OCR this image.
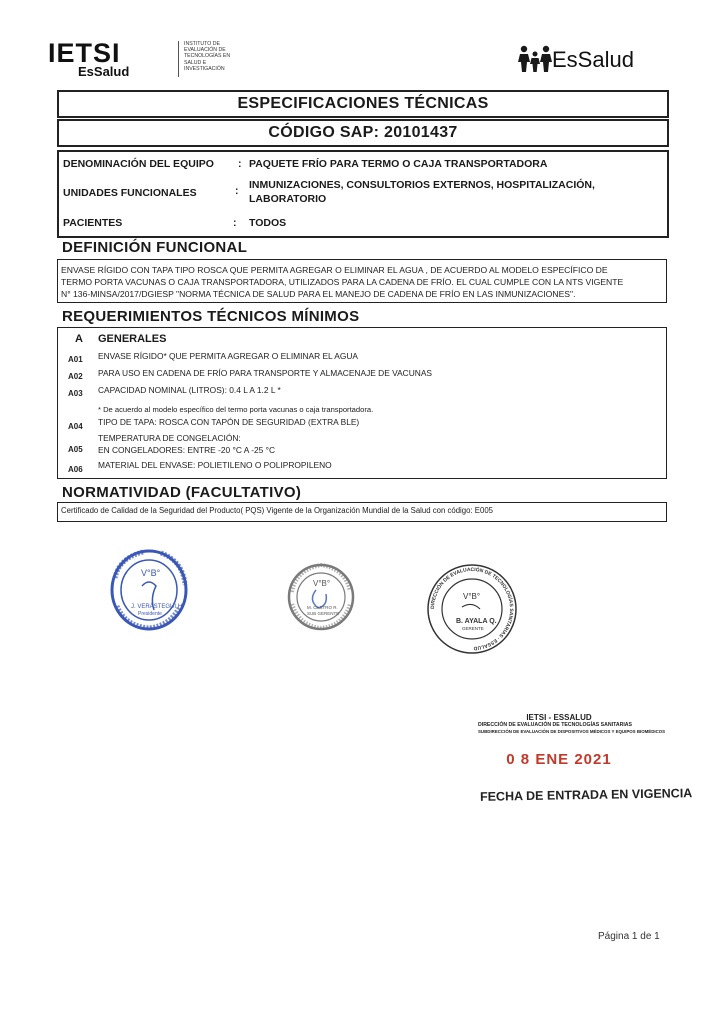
IETSI
EsSalud
INSTITUTO DE
EVALUACIÓN DE
TECNOLOGÍAS EN
SALUD E
INVESTIGACIÓN	EsSalud
ESPECIFICACIONES TÉCNICAS
CÓDIGO SAP: 20101437
DENOMINACIÓN DEL EQUIPO : PAQUETE FRÍO PARA TERMO O CAJA TRANSPORTADORA
UNIDADES FUNCIONALES	: INMUNIZACIONES, CONSULTORIOS EXTERNOS, HOSPITALIZACIÓN,
LABORATORIO
PACIENTES	: TODOS
DEFINICIÓN FUNCIONAL
ENVASE RÍGIDO CON TAPA TIPO ROSCA QUE PERMITA AGREGAR O ELIMINAR EL AGUA , DE ACUERDO AL MODELO ESPECÍFICO DE
TERMO PORTA VACUNAS O CAJA TRANSPORTADORA, UTILIZADOS PARA LA CADENA DE FRÍO. EL CUAL CUMPLE CON LA NTS VIGENTE
N° 136-MINSA/2017/DGIESP "NORMA TÉCNICA DE SALUD PARA EL MANEJO DE CADENA DE FRÍO EN LAS INMUNIZACIONES".
REQUERIMIENTOS TÉCNICOS MÍNIMOS
A GENERALES
A01 ENVASE RÍGIDO* QUE PERMITA AGREGAR O ELIMINAR EL AGUA
A02 PARA USO EN CADENA DE FRÍO PARA TRANSPORTE Y ALMACENAJE DE VACUNAS
A03 CAPACIDAD NOMINAL (LITROS): 0.4 L A 1.2 L *
* De acuerdo al modelo específico del termo porta vacunas o caja transportadora.
A04 TIPO DE TAPA: ROSCA CON TAPÓN DE SEGURIDAD (EXTRA BLE)
TEMPERATURA DE CONGELACIÓN:
A05 EN CONGELADORES: ENTRE -20 °C A -25 °C
A06 MATERIAL DEL ENVASE: POLIETILENO O POLIPROPILENO
NORMATIVIDAD (FACULTATIVO)
Certificado de Calidad de la Seguridad del Producto( PQS) Vigente de la Organización Mundial de la Salud con código: E005
V°B°
J. VERÁSTEGUI H.
Presidente
V°B°
M. CASTRO R.
SUB GERENTE
DIRECCIÓN DE EVALUACIÓN DE TECNOLOGÍAS SANITARIAS · ESSALUD
V°B°
B. AYALA Q.
GERENTE
IETSI - ESSALUD
DIRECCIÓN DE EVALUACIÓN DE TECNOLOGÍAS SANITARIAS
SUBDIRECCIÓN DE EVALUACIÓN DE DISPOSITIVOS MÉDICOS Y EQUIPOS BIOMÉDICOS
0 8 ENE 2021
FECHA DE ENTRADA EN VIGENCIA
Página 1 de 1
